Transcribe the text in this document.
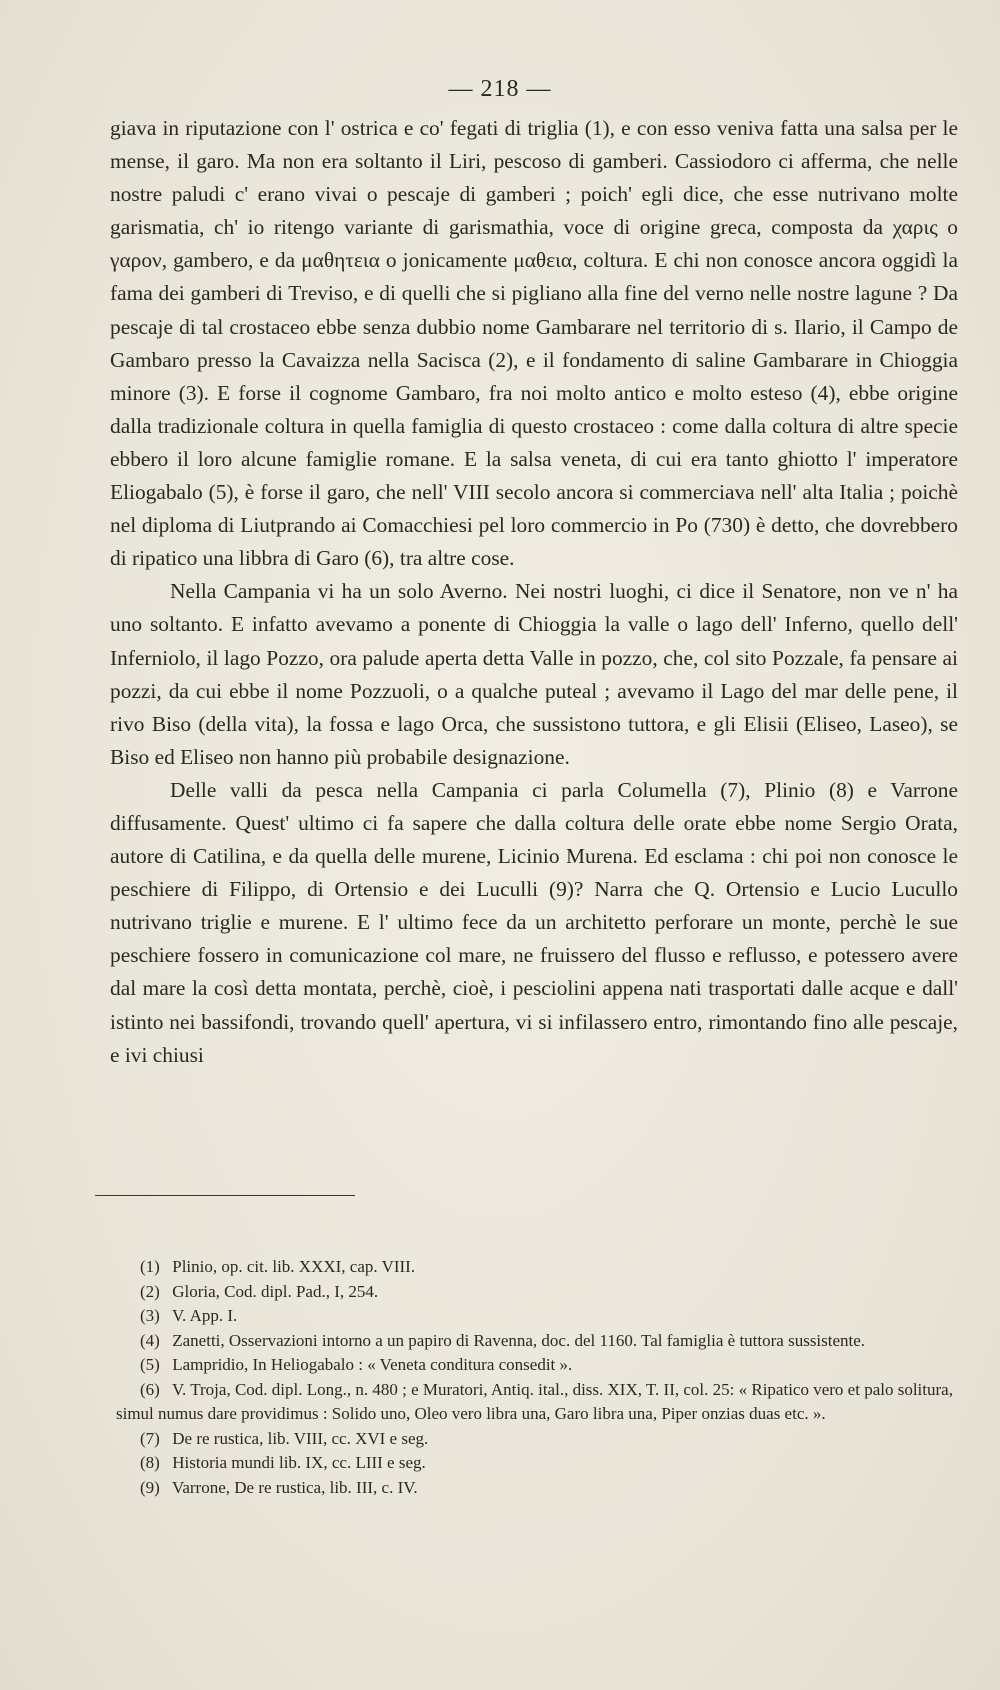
— 218 —

giava in riputazione con l' ostrica e co' fegati di triglia (1), e con esso veniva fatta una salsa per le mense, il garo. Ma non era soltanto il Liri, pescoso di gamberi. Cassiodoro ci afferma, che nelle nostre paludi c' erano vivai o pescaje di gamberi ; poich' egli dice, che esse nutrivano molte garismatia, ch' io ritengo variante di garismathia, voce di origine greca, composta da χαρις o γαρον, gambero, e da μαθητεια o jonicamente μαθεια, coltura. E chi non conosce ancora oggidì la fama dei gamberi di Treviso, e di quelli che si pigliano alla fine del verno nelle nostre lagune ? Da pescaje di tal crostaceo ebbe senza dubbio nome Gambarare nel territorio di s. Ilario, il Campo de Gambaro presso la Cavaizza nella Sacisca (2), e il fondamento di saline Gambarare in Chioggia minore (3). E forse il cognome Gambaro, fra noi molto antico e molto esteso (4), ebbe origine dalla tradizionale coltura in quella famiglia di questo crostaceo : come dalla coltura di altre specie ebbero il loro alcune famiglie romane. E la salsa veneta, di cui era tanto ghiotto l' imperatore Eliogabalo (5), è forse il garo, che nell' VIII secolo ancora si commerciava nell' alta Italia ; poichè nel diploma di Liutprando ai Comacchiesi pel loro commercio in Po (730) è detto, che dovrebbero di ripatico una libbra di Garo (6), tra altre cose.

Nella Campania vi ha un solo Averno. Nei nostri luoghi, ci dice il Senatore, non ve n' ha uno soltanto. E infatto avevamo a ponente di Chioggia la valle o lago dell' Inferno, quello dell' Inferniolo, il lago Pozzo, ora palude aperta detta Valle in pozzo, che, col sito Pozzale, fa pensare ai pozzi, da cui ebbe il nome Pozzuoli, o a qualche puteal ; avevamo il Lago del mar delle pene, il rivo Biso (della vita), la fossa e lago Orca, che sussistono tuttora, e gli Elisii (Eliseo, Laseo), se Biso ed Eliseo non hanno più probabile designazione.

Delle valli da pesca nella Campania ci parla Columella (7), Plinio (8) e Varrone diffusamente. Quest' ultimo ci fa sapere che dalla coltura delle orate ebbe nome Sergio Orata, autore di Catilina, e da quella delle murene, Licinio Murena. Ed esclama : chi poi non conosce le peschiere di Filippo, di Ortensio e dei Luculli (9)? Narra che Q. Ortensio e Lucio Lucullo nutrivano triglie e murene. E l' ultimo fece da un architetto perforare un monte, perchè le sue peschiere fossero in comunicazione col mare, ne fruissero del flusso e reflusso, e potessero avere dal mare la così detta montata, perchè, cioè, i pesciolini appena nati trasportati dalle acque e dall' istinto nei bassifondi, trovando quell' apertura, vi si infilassero entro, rimontando fino alle pescaje, e ivi chiusi

(1) Plinio, op. cit. lib. XXXI, cap. VIII.

(2) Gloria, Cod. dipl. Pad., I, 254.

(3) V. App. I.

(4) Zanetti, Osservazioni intorno a un papiro di Ravenna, doc. del 1160. Tal famiglia è tuttora sussistente.

(5) Lampridio, In Heliogabalo : « Veneta conditura consedit ».

(6) V. Troja, Cod. dipl. Long., n. 480 ; e Muratori, Antiq. ital., diss. XIX, T. II, col. 25: « Ripatico vero et palo solitura, simul numus dare providimus : Solido uno, Oleo vero libra una, Garo libra una, Piper onzias duas etc. ».

(7) De re rustica, lib. VIII, cc. XVI e seg.

(8) Historia mundi lib. IX, cc. LIII e seg.

(9) Varrone, De re rustica, lib. III, c. IV.
